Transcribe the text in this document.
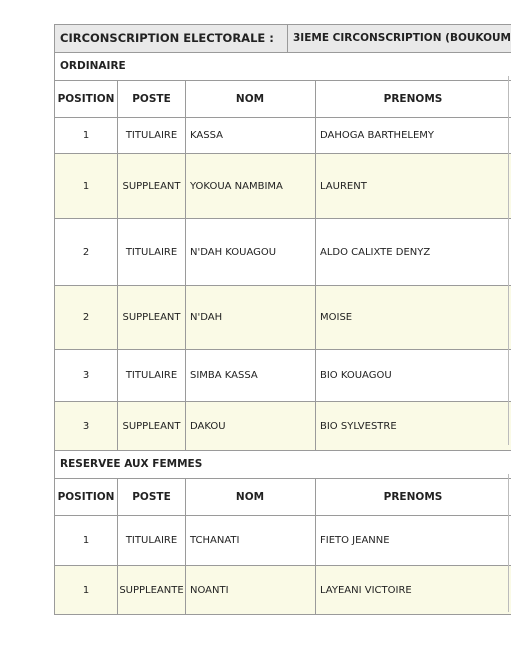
CIRCONSCRIPTION ELECTORALE :	3IEME CIRCONSCRIPTION (BOUKOUM
ORDINAIRE
POSITION	POSTE	NOM	PRENOMS
1	TITULAIRE	KASSA	DAHOGA BARTHELEMY
1	SUPPLEANT	YOKOUA NAMBIMA	LAURENT
2	TITULAIRE	N'DAH KOUAGOU	ALDO CALIXTE DENYZ
2	SUPPLEANT	N'DAH	MOISE
3	TITULAIRE	SIMBA KASSA	BIO KOUAGOU
3	SUPPLEANT	DAKOU	BIO SYLVESTRE
RESERVEE AUX FEMMES
POSITION	POSTE	NOM	PRENOMS
1	TITULAIRE	TCHANATI	FIETO JEANNE
1	SUPPLEANTE	NOANTI	LAYEANI VICTOIRE
